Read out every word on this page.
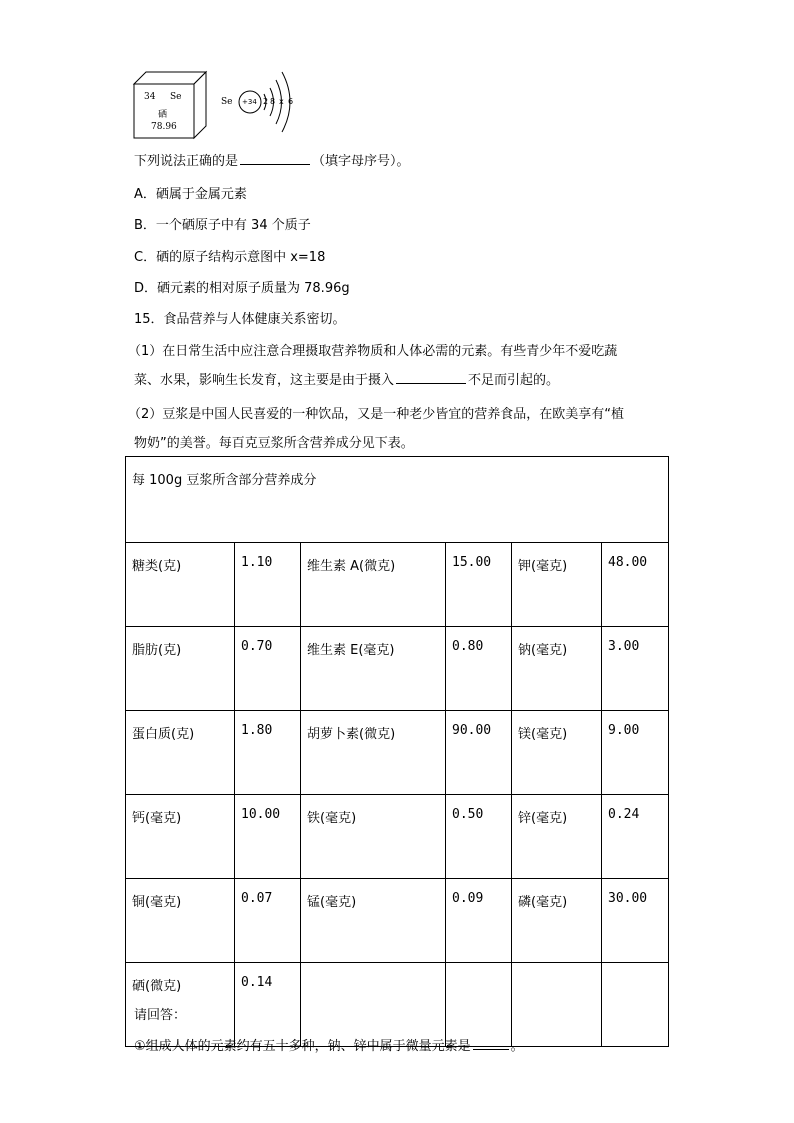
34 Se
硒
78.96
Se +34 2 8 x 6
下列说法正确的是	（填字母序号）。
A．硒属于金属元素
B．一个硒原子中有 34 个质子
C．硒的原子结构示意图中 x=18
D．硒元素的相对原子质量为 78.96g
15．食品营养与人体健康关系密切。
（1）在日常生活中应注意合理摄取营养物质和人体必需的元素。有些青少年不爱吃蔬
菜、水果，影响生长发育，这主要是由于摄入	不足而引起的。
（2）豆浆是中国人民喜爱的一种饮品，又是一种老少皆宜的营养食品，在欧美享有“植
物奶”的美誉。每百克豆浆所含营养成分见下表。
每 100g 豆浆所含部分营养成分					
糖类(克)	1.10	维生素 A(微克)	15.00	钾(毫克)	48.00
脂肪(克)	0.70	维生素 E(毫克)	0.80	钠(毫克)	3.00
蛋白质(克)	1.80	胡萝卜素(微克)	90.00	镁(毫克)	9.00
钙(毫克)	10.00	铁(毫克)	0.50	锌(毫克)	0.24
铜(毫克)	0.07	锰(毫克)	0.09	磷(毫克)	30.00
硒(微克)	0.14				
请回答：
①组成人体的元素约有五十多种，钠、锌中属于微量元素是	。
